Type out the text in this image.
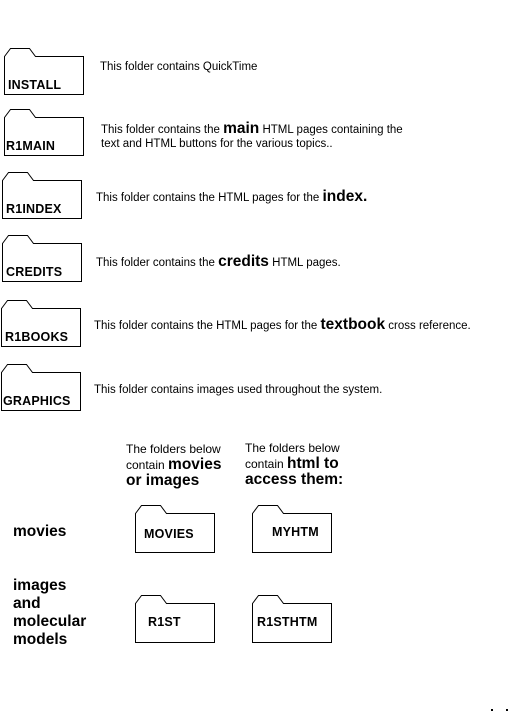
INSTALL
This folder contains QuickTime
R1MAIN
This folder contains the main HTML pages containing the
text and HTML buttons for the various topics..
R1INDEX
This folder contains the HTML pages for the index.
CREDITS
This folder contains the credits HTML pages.
R1BOOKS
This folder contains the HTML pages for the textbook cross reference.
GRAPHICS
This folder contains images used throughout the system.
The folders below
contain movies
or images
The folders below
contain html to
access them:
movies	MOVIES	MYHTM
images
and
molecular
models
R1ST	R1STHTM
